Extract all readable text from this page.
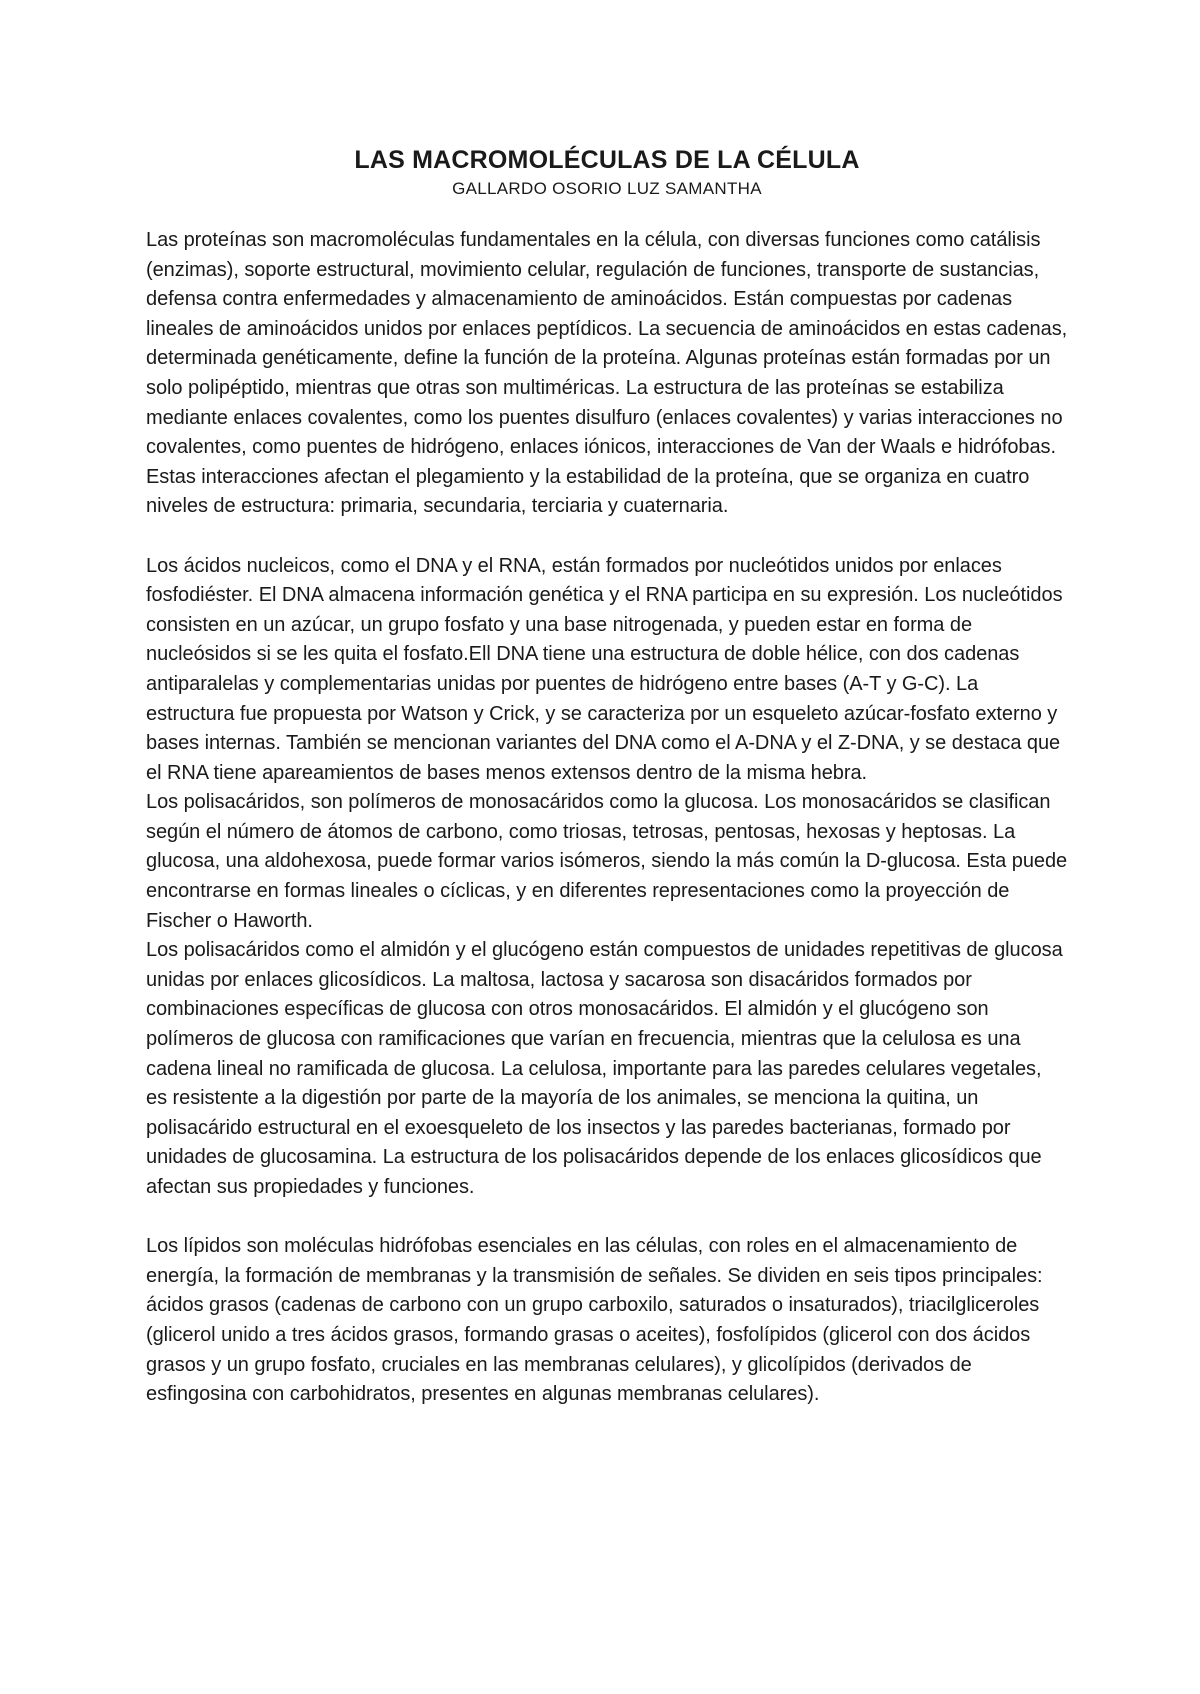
LAS MACROMOLÉCULAS DE LA CÉLULA

GALLARDO OSORIO LUZ SAMANTHA

Las proteínas son macromoléculas fundamentales en la célula, con diversas funciones como catálisis (enzimas), soporte estructural, movimiento celular, regulación de funciones, transporte de sustancias, defensa contra enfermedades y almacenamiento de aminoácidos. Están compuestas por cadenas lineales de aminoácidos unidos por enlaces peptídicos. La secuencia de aminoácidos en estas cadenas, determinada genéticamente, define la función de la proteína. Algunas proteínas están formadas por un solo polipéptido, mientras que otras son multiméricas. La estructura de las proteínas se estabiliza mediante enlaces covalentes, como los puentes disulfuro (enlaces covalentes) y varias interacciones no covalentes, como puentes de hidrógeno, enlaces iónicos, interacciones de Van der Waals e hidrófobas. Estas interacciones afectan el plegamiento y la estabilidad de la proteína, que se organiza en cuatro niveles de estructura: primaria, secundaria, terciaria y cuaternaria.

Los ácidos nucleicos, como el DNA y el RNA, están formados por nucleótidos unidos por enlaces fosfodiéster. El DNA almacena información genética y el RNA participa en su expresión. Los nucleótidos consisten en un azúcar, un grupo fosfato y una base nitrogenada, y pueden estar en forma de nucleósidos si se les quita el fosfato.Ell DNA tiene una estructura de doble hélice, con dos cadenas antiparalelas y complementarias unidas por puentes de hidrógeno entre bases (A-T y G-C). La estructura fue propuesta por Watson y Crick, y se caracteriza por un esqueleto azúcar-fosfato externo y bases internas. También se mencionan variantes del DNA como el A-DNA y el Z-DNA, y se destaca que el RNA tiene apareamientos de bases menos extensos dentro de la misma hebra.

Los polisacáridos, son polímeros de monosacáridos como la glucosa. Los monosacáridos se clasifican según el número de átomos de carbono, como triosas, tetrosas, pentosas, hexosas y heptosas. La glucosa, una aldohexosa, puede formar varios isómeros, siendo la más común la D-glucosa. Esta puede encontrarse en formas lineales o cíclicas, y en diferentes representaciones como la proyección de Fischer o Haworth.

Los polisacáridos como el almidón y el glucógeno están compuestos de unidades repetitivas de glucosa unidas por enlaces glicosídicos. La maltosa, lactosa y sacarosa son disacáridos formados por combinaciones específicas de glucosa con otros monosacáridos. El almidón y el glucógeno son polímeros de glucosa con ramificaciones que varían en frecuencia, mientras que la celulosa es una cadena lineal no ramificada de glucosa. La celulosa, importante para las paredes celulares vegetales, es resistente a la digestión por parte de la mayoría de los animales, se menciona la quitina, un polisacárido estructural en el exoesqueleto de los insectos y las paredes bacterianas, formado por unidades de glucosamina. La estructura de los polisacáridos depende de los enlaces glicosídicos que afectan sus propiedades y funciones.

Los lípidos son moléculas hidrófobas esenciales en las células, con roles en el almacenamiento de energía, la formación de membranas y la transmisión de señales. Se dividen en seis tipos principales: ácidos grasos (cadenas de carbono con un grupo carboxilo, saturados o insaturados), triacilgliceroles (glicerol unido a tres ácidos grasos, formando grasas o aceites), fosfolípidos (glicerol con dos ácidos grasos y un grupo fosfato, cruciales en las membranas celulares), y glicolípidos (derivados de esfingosina con carbohidratos, presentes en algunas membranas celulares).
